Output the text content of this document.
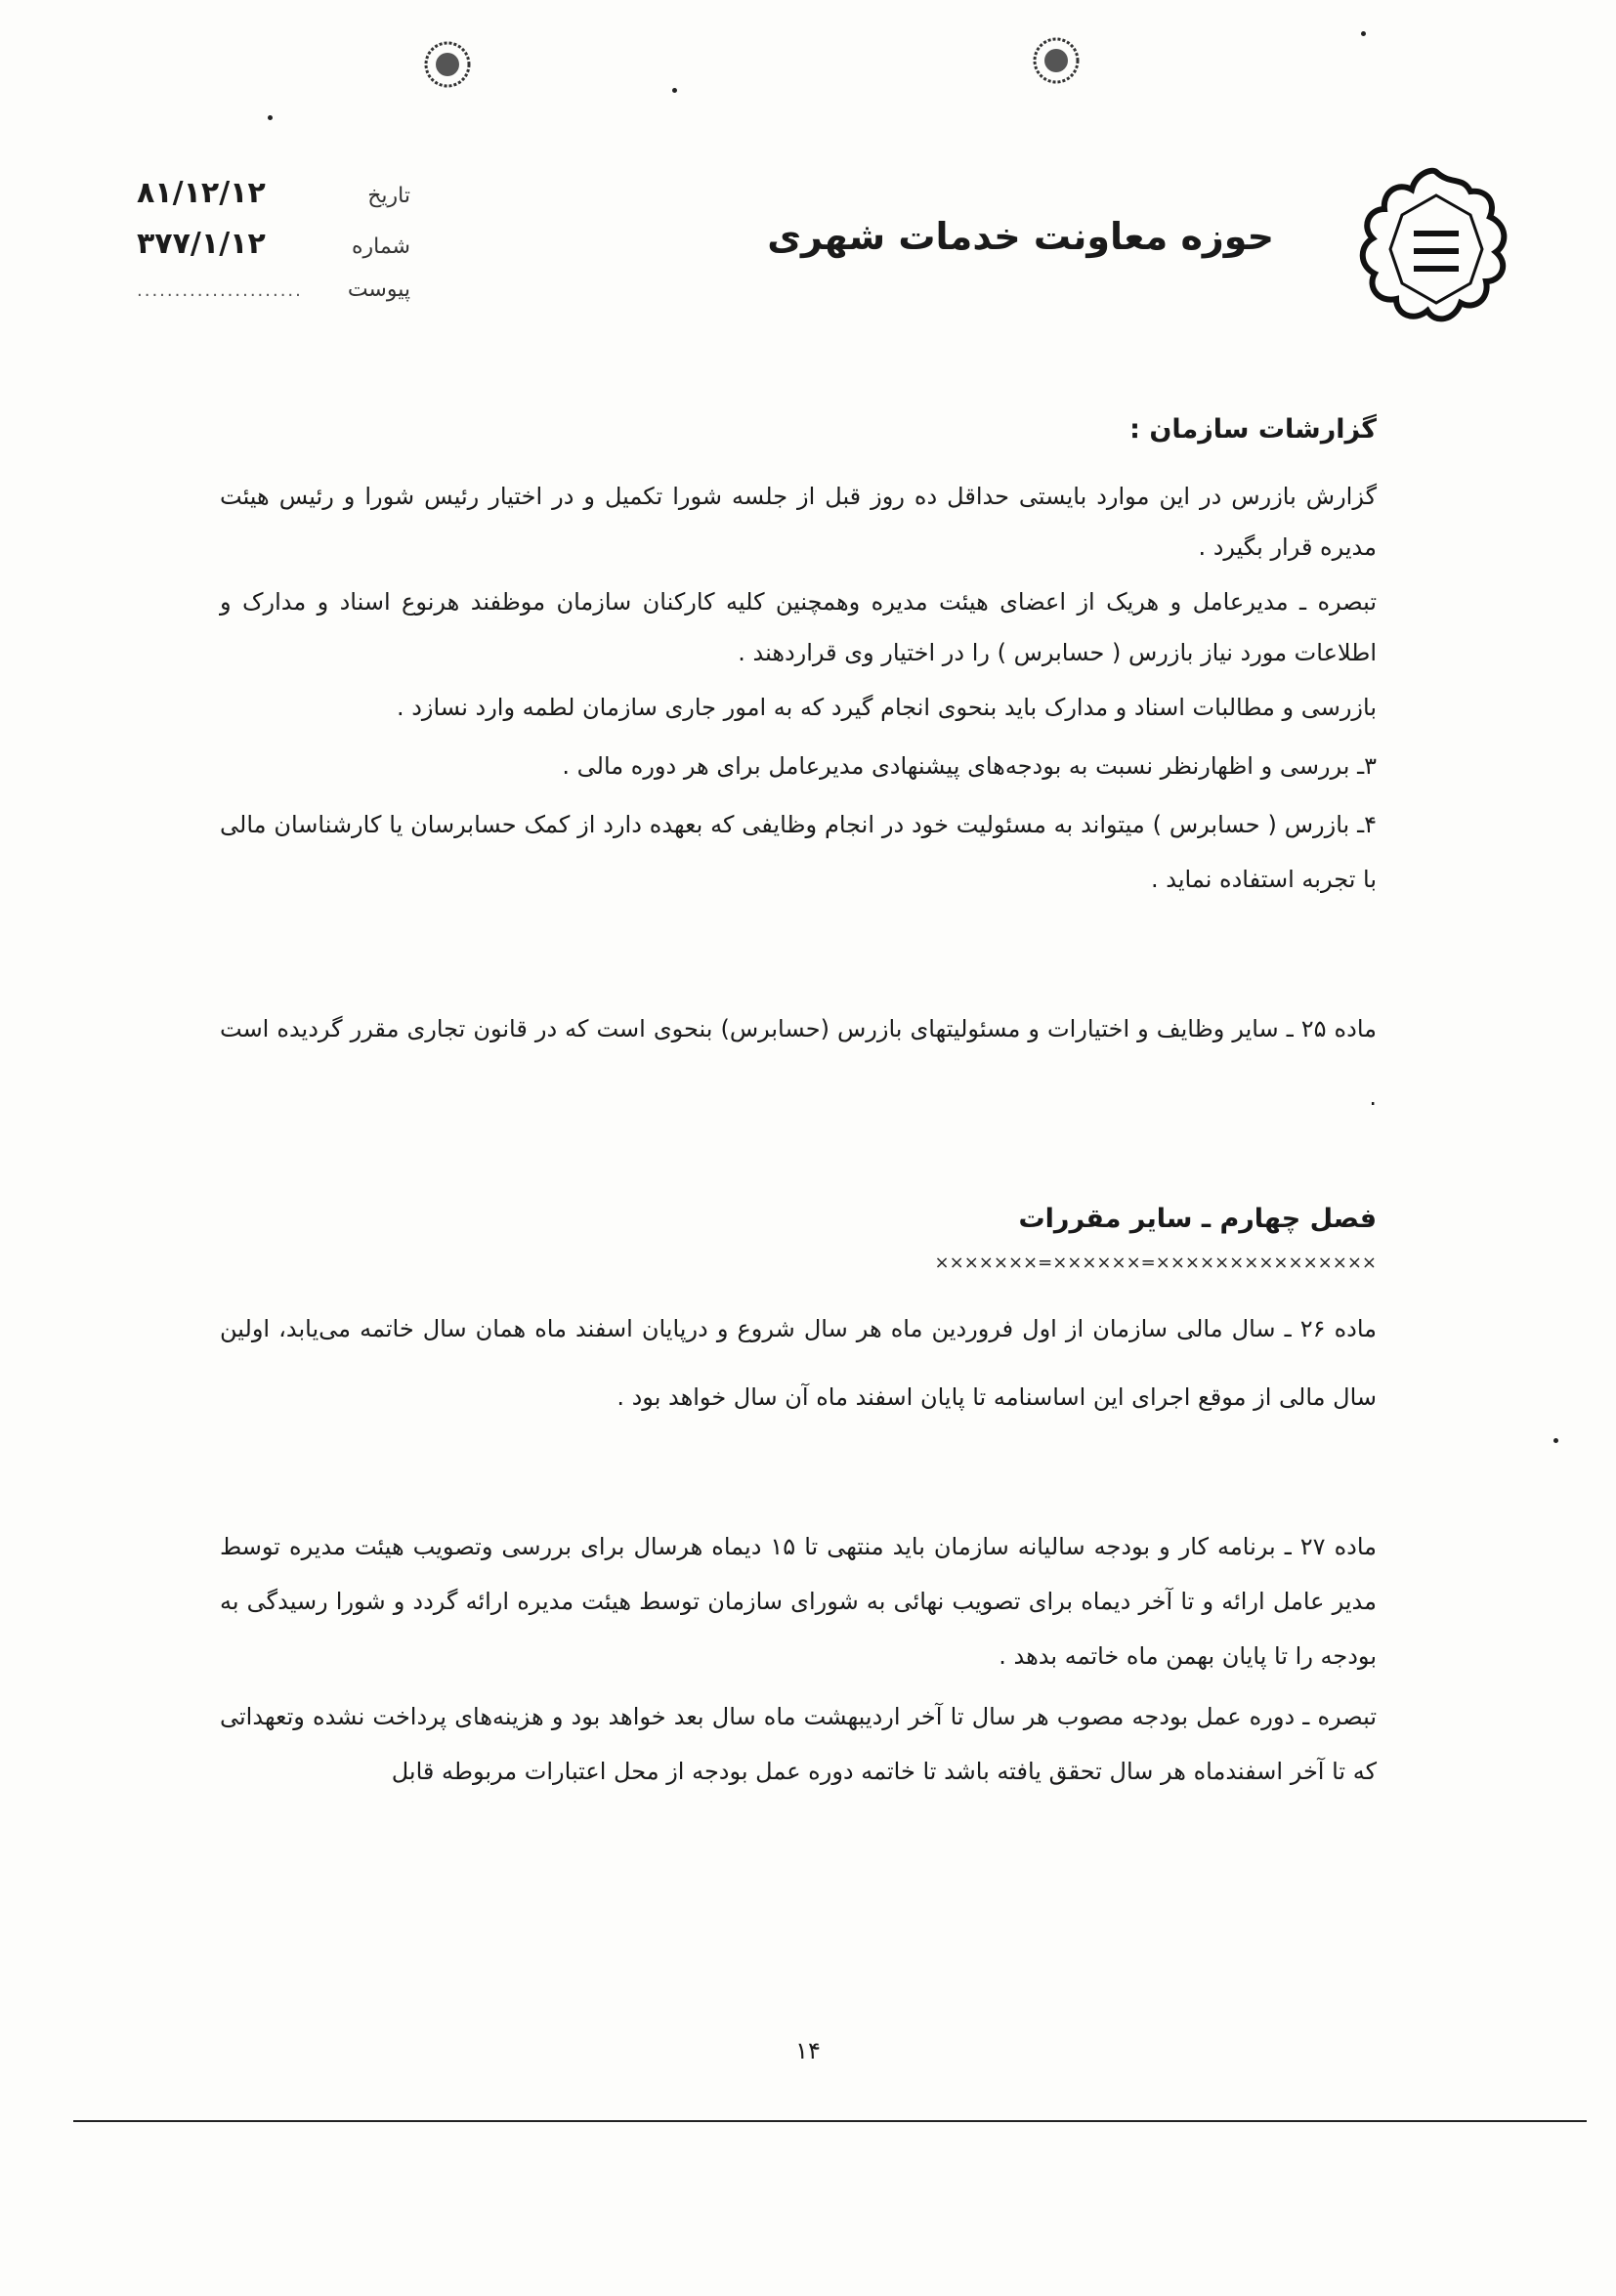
حوزه معاونت خدمات شهری
تاریخ
۸۱/۱۲/۱۲
شماره
۳۷۷/۱/۱۲
پیوست
......................
گزارشات سازمان :

گزارش بازرس در این موارد بایستی حداقل ده روز قبل از جلسه شورا تکمیل و در اختیار رئیس شورا و رئیس هیئت مدیره قرار بگیرد .

تبصره ـ مدیرعامل و هریک از اعضای هیئت مدیره وهمچنین کلیه کارکنان سازمان موظفند هرنوع اسناد و مدارک و اطلاعات مورد نیاز بازرس ( حسابرس ) را در اختیار وی قراردهند .

بازرسی و مطالبات اسناد و مدارک باید بنحوی انجام گیرد که به امور جاری سازمان لطمه وارد نسازد .

۳ـ بررسی و اظهارنظر نسبت به بودجه‌های پیشنهادی مدیرعامل برای هر دوره مالی .

۴ـ بازرس ( حسابرس ) میتواند به مسئولیت خود در انجام وظایفی که بعهده دارد از کمک حسابرسان یا کارشناسان مالی با تجربه استفاده نماید .

ماده ۲۵ ـ سایر وظایف و اختیارات و مسئولیتهای بازرس (حسابرس) بنحوی است که در قانون تجاری مقرر گردیده است .

فصل چهارم ـ سایر مقررات
×××××××××××××××=××××××=×××××××

ماده ۲۶ ـ سال مالی سازمان از اول فروردین ماه هر سال شروع و درپایان اسفند ماه همان سال خاتمه می‌یابد، اولین سال مالی از موقع اجرای این اساسنامه تا پایان اسفند ماه آن سال خواهد بود .

ماده ۲۷ ـ برنامه کار و بودجه سالیانه سازمان باید منتهی تا ۱۵ دیماه هرسال برای بررسی وتصویب هیئت مدیره توسط مدیر عامل ارائه و تا آخر دیماه برای تصویب نهائی به شورای سازمان توسط هیئت مدیره ارائه گردد و شورا رسیدگی به بودجه را تا پایان بهمن ماه خاتمه بدهد .

تبصره ـ دوره عمل بودجه مصوب هر سال تا آخر اردیبهشت ماه سال بعد خواهد بود و هزینه‌های پرداخت نشده وتعهداتی که تا آخر اسفندماه هر سال تحقق یافته باشد تا خاتمه دوره عمل بودجه از محل اعتبارات مربوطه قابل

۱۴
